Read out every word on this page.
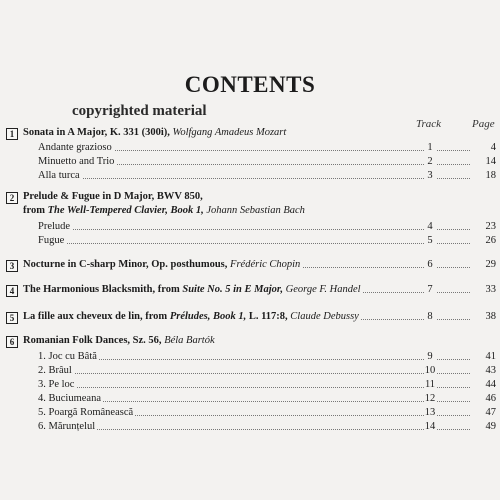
CONTENTS
copyrighted material
Track	Page
1 Sonata in A Major, K. 331 (300i), Wolfgang Amadeus Mozart
Andante grazioso	1	4
Minuetto and Trio	2	14
Alla turca	3	18
2 Prelude & Fugue in D Major, BWV 850,
from The Well-Tempered Clavier, Book 1, Johann Sebastian Bach
Prelude	4	23
Fugue	5	26
3 Nocturne in C-sharp Minor, Op. posthumous, Frédéric Chopin	6	29
4 The Harmonious Blacksmith, from Suite No. 5 in E Major, George F. Handel	7	33
5 La fille aux cheveux de lin, from Préludes, Book 1, L. 117:8, Claude Debussy	8	38
6 Romanian Folk Dances, Sz. 56, Béla Bartók
1. Joc cu Bâtă	9	41
2. Brâul	10	43
3. Pe loc	11	44
4. Buciumeana	12	46
5. Poargă Românească	13	47
6. Mărunțelul	14	49
